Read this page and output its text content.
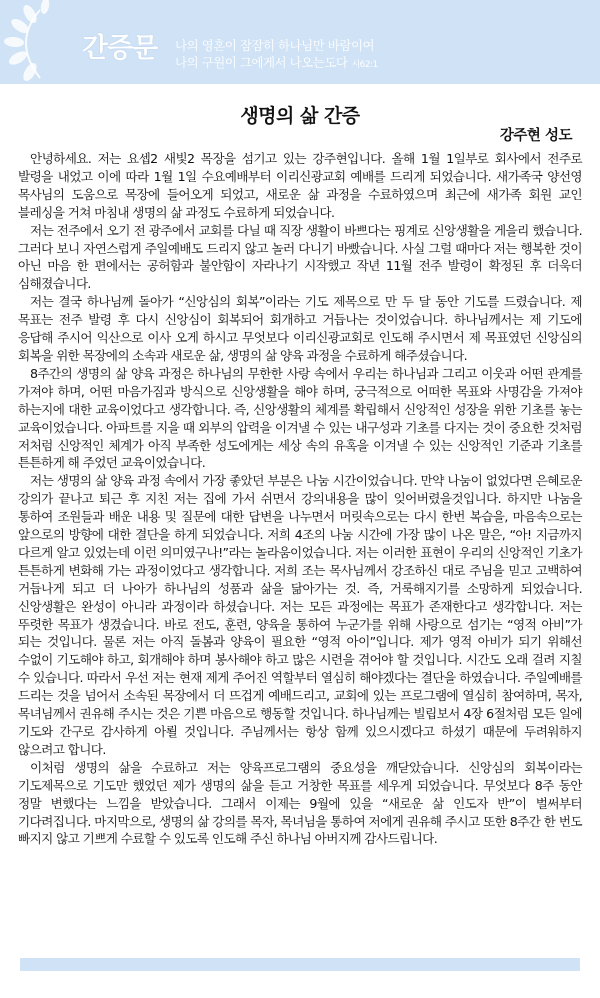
간증문 나의 영혼이 잠잠히 하나님만 바람이여
나의 구원이 그에게서 나오는도다 시62:1
생명의 삶 간증
강주현 성도

안녕하세요. 저는 요셉2 새빛2 목장을 섬기고 있는 강주현입니다. 올해 1월 1일부로 회사에서 전주로 발령을 내었고 이에 따라 1월 1일 수요예배부터 이리신광교회 예배를 드리게 되었습니다. 새가족국 양선영 목사님의 도움으로 목장에 들어오게 되었고, 새로운 삶 과정을 수료하였으며 최근에 새가족 회원 교인 블레싱을 거쳐 마침내 생명의 삶 과정도 수료하게 되었습니다.

저는 전주에서 오기 전 광주에서 교회를 다닐 때 직장 생활이 바쁘다는 핑계로 신앙생활을 게을리 했습니다. 그러다 보니 자연스럽게 주일예배도 드리지 않고 놀러 다니기 바빴습니다. 사실 그럴 때마다 저는 행복한 것이 아닌 마음 한 편에서는 공허함과 불안함이 자라나기 시작했고 작년 11월 전주 발령이 확정된 후 더욱더 심해졌습니다.

저는 결국 하나님께 돌아가 “신앙심의 회복”이라는 기도 제목으로 만 두 달 동안 기도를 드렸습니다. 제 목표는 전주 발령 후 다시 신앙심이 회복되어 회개하고 거듭나는 것이었습니다. 하나님께서는 제 기도에 응답해 주시어 익산으로 이사 오게 하시고 무엇보다 이리신광교회로 인도해 주시면서 제 목표였던 신앙심의 회복을 위한 목장에의 소속과 새로운 삶, 생명의 삶 양육 과정을 수료하게 해주셨습니다.

8주간의 생명의 삶 양육 과정은 하나님의 무한한 사랑 속에서 우리는 하나님과 그리고 이웃과 어떤 관계를 가져야 하며, 어떤 마음가짐과 방식으로 신앙생활을 해야 하며, 궁극적으로 어떠한 목표와 사명감을 가져야 하는지에 대한 교육이었다고 생각합니다. 즉, 신앙생활의 체계를 확립해서 신앙적인 성장을 위한 기초를 놓는 교육이었습니다. 아파트를 지을 때 외부의 압력을 이겨낼 수 있는 내구성과 기초를 다지는 것이 중요한 것처럼 저처럼 신앙적인 체계가 아직 부족한 성도에게는 세상 속의 유혹을 이겨낼 수 있는 신앙적인 기준과 기초를 튼튼하게 해 주었던 교육이었습니다.

저는 생명의 삶 양육 과정 속에서 가장 좋았던 부분은 나눔 시간이었습니다. 만약 나눔이 없었다면 은혜로운 강의가 끝나고 퇴근 후 지친 저는 집에 가서 쉬면서 강의내용을 많이 잊어버렸을것입니다. 하지만 나눔을 통하여 조원들과 배운 내용 및 질문에 대한 답변을 나누면서 머릿속으로는 다시 한번 복습을, 마음속으로는 앞으로의 방향에 대한 결단을 하게 되었습니다. 저희 4조의 나눔 시간에 가장 많이 나온 말은, “아! 지금까지 다르게 알고 있었는데 이런 의미였구나!”라는 놀라움이었습니다. 저는 이러한 표현이 우리의 신앙적인 기초가 튼튼하게 변화해 가는 과정이었다고 생각합니다. 저희 조는 목사님께서 강조하신 대로 주님을 믿고 고백하여 거듭나게 되고 더 나아가 하나님의 성품과 삶을 닮아가는 것. 즉, 거룩해지기를 소망하게 되었습니다. 신앙생활은 완성이 아니라 과정이라 하셨습니다. 저는 모든 과정에는 목표가 존재한다고 생각합니다. 저는 뚜렷한 목표가 생겼습니다. 바로 전도, 훈련, 양육을 통하여 누군가를 위해 사랑으로 섬기는 “영적 아비”가 되는 것입니다. 물론 저는 아직 돌봄과 양육이 필요한 “영적 아이”입니다. 제가 영적 아비가 되기 위해선 수없이 기도해야 하고, 회개해야 하며 봉사해야 하고 많은 시련을 겪어야 할 것입니다. 시간도 오래 걸려 지칠 수 있습니다. 따라서 우선 저는 현재 제게 주어진 역할부터 열심히 해야겠다는 결단을 하였습니다. 주일예배를 드리는 것을 넘어서 소속된 목장에서 더 뜨겁게 예배드리고, 교회에 있는 프로그램에 열심히 참여하며, 목자, 목녀님께서 권유해 주시는 것은 기쁜 마음으로 행동할 것입니다. 하나님께는 빌립보서 4장 6절처럼 모든 일에 기도와 간구로 감사하게 아뢸 것입니다. 주님께서는 항상 함께 있으시겠다고 하셨기 때문에 두려워하지 않으려고 합니다.

이처럼 생명의 삶을 수료하고 저는 양육프로그램의 중요성을 깨닫았습니다. 신앙심의 회복이라는 기도제목으로 기도만 했었던 제가 생명의 삶을 듣고 거창한 목표를 세우게 되었습니다. 무엇보다 8주 동안 정말 변했다는 느낌을 받았습니다. 그래서 이제는 9월에 있을 “새로운 삶 인도자 반”이 벌써부터 기다려집니다. 마지막으로, 생명의 삶 강의를 목자, 목녀님을 통하여 저에게 권유해 주시고 또한 8주간 한 번도 빠지지 않고 기쁘게 수료할 수 있도록 인도해 주신 하나님 아버지께 감사드립니다.
